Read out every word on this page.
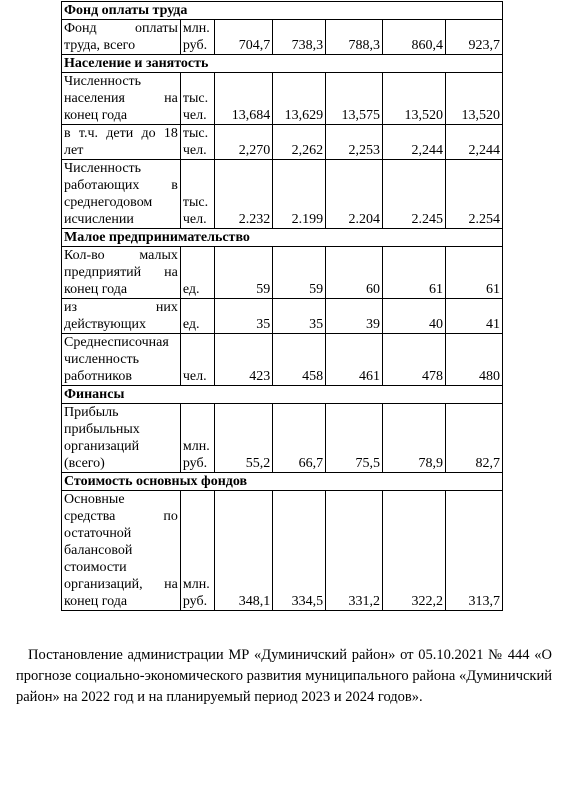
Фонд оплаты труда						
Фонд оплаты труда, всего	млн. руб.	704,7	738,3	788,3	860,4	923,7
Население и занятость						
Численность населения на конец года	тыс. чел.	13,684	13,629	13,575	13,520	13,520
в т.ч. дети до 18 лет	тыс. чел.	2,270	2,262	2,253	2,244	2,244
Численность работающих в среднегодовом исчислении	тыс. чел.	2.232	2.199	2.204	2.245	2.254
Малое предпринимательство						
Кол-во малых предприятий на конец года	ед.	59	59	60	61	61
из них действующих	ед.	35	35	39	40	41
Среднесписочная численность работников	чел.	423	458	461	478	480
Финансы						
Прибыль прибыльных организаций (всего)	млн. руб.	55,2	66,7	75,5	78,9	82,7
Стоимость основных фондов						
Основные средства по остаточной балансовой стоимости организаций, на конец года	млн. руб.	348,1	334,5	331,2	322,2	313,7

Постановление администрации МР «Думиничский район» от 05.10.2021 № 444 «О прогнозе социально-экономического развития муниципального района «Думиничский район» на 2022 год и на планируемый период 2023 и 2024 годов».
